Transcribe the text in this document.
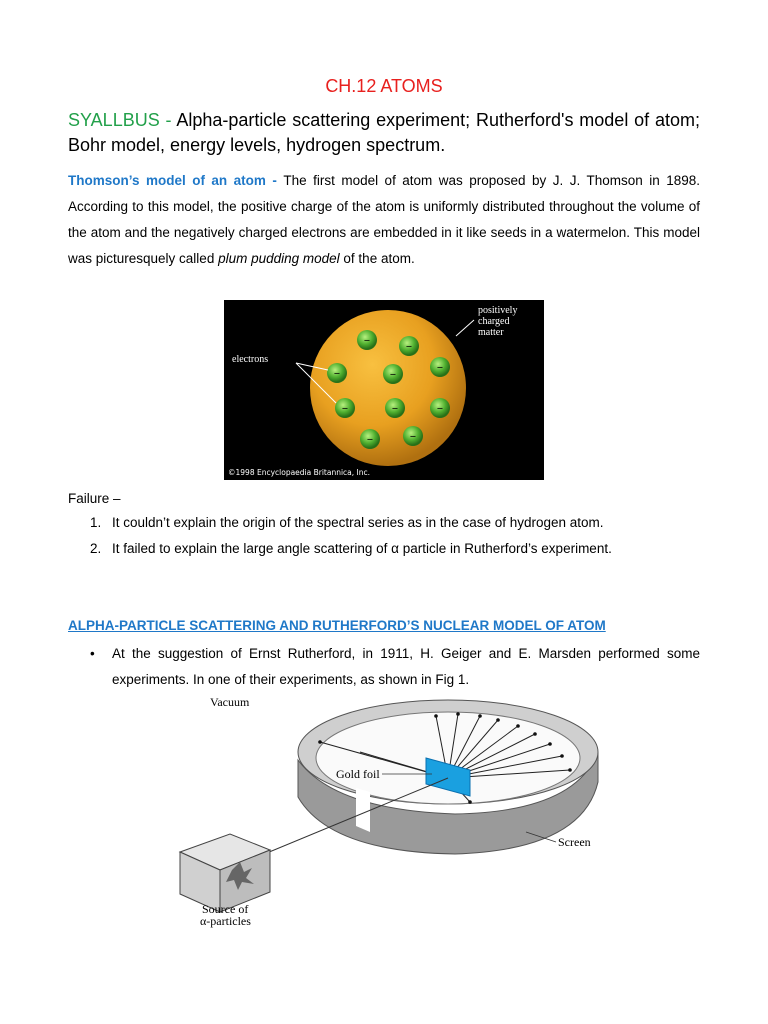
CH.12 ATOMS
SYALLBUS - Alpha-particle scattering experiment; Rutherford's model of atom; Bohr model, energy levels, hydrogen spectrum.
Thomson’s model of an atom - The first model of atom was proposed by J. J. Thomson in 1898. According to this model, the positive charge of the atom is uniformly distributed throughout the volume of the atom and the negatively charged electrons are embedded in it like seeds in a watermelon. This model was picturesquely called plum pudding model of the atom.
−	−
−	−
−
−	−	−
−	−
positively
charged
matter
electrons
©1998 Encyclopaedia Britannica, Inc.
Failure –
1. It couldn’t explain the origin of the spectral series as in the case of hydrogen atom.
2. It failed to explain the large angle scattering of α particle in Rutherford’s experiment.
ALPHA-PARTICLE SCATTERING AND RUTHERFORD’S NUCLEAR MODEL OF ATOM
•	At the suggestion of Ernst Rutherford, in 1911, H. Geiger and E. Marsden performed some experiments. In one of their experiments, as shown in Fig 1.
Vacuum
Gold foil
Screen
Source of
α-particles
